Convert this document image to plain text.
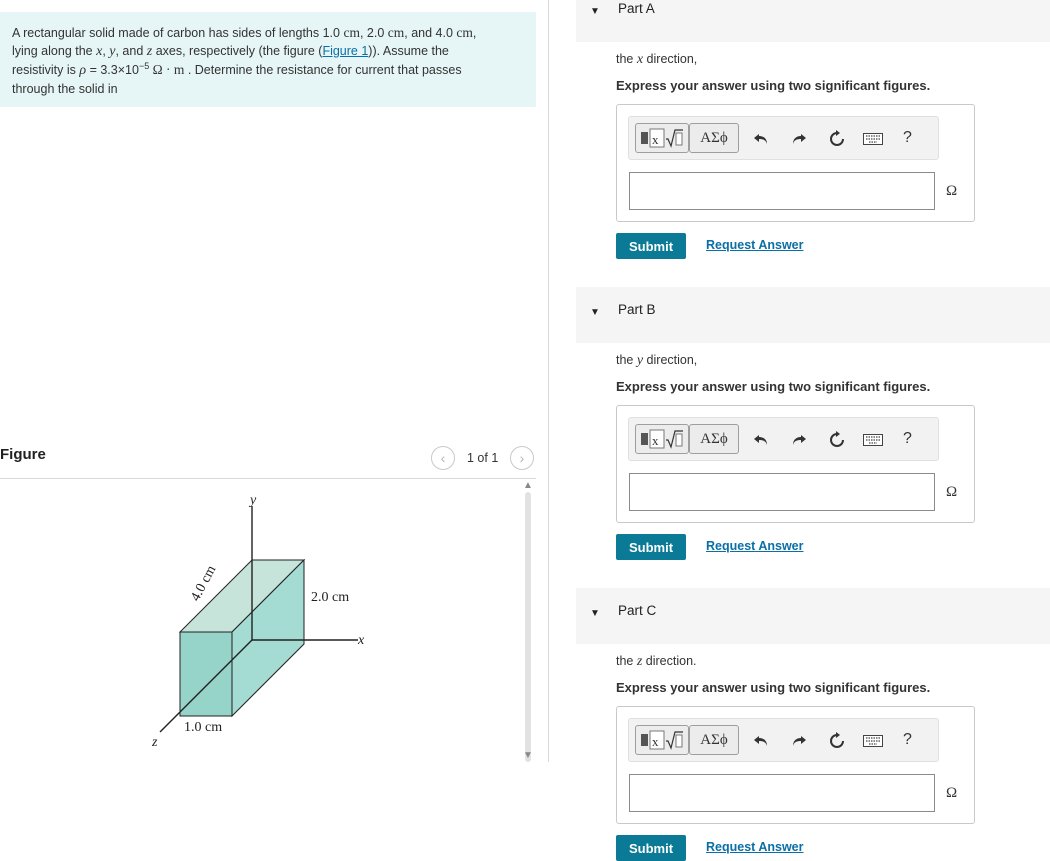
A rectangular solid made of carbon has sides of lengths 1.0 cm, 2.0 cm, and 4.0 cm,
lying along the x, y, and z axes, respectively (the figure (Figure 1)). Assume the
resistivity is $\rho = 3.3\times 10^{-5}$ Ω · m . Determine the resistance for current that passes
through the solid in
Figure	‹ 1 of 1 ›
y
x
z
4.0 cm	2.0 cm
1.0 cm
▲
▼
▼ Part A
the x direction,
Express your answer using two significant figures.
x	ΑΣϕ	?
Ω
Submit	Request Answer
▼ Part B
the y direction,
Express your answer using two significant figures.
x	ΑΣϕ	?
Ω
Submit	Request Answer
▼ Part C
the z direction.
Express your answer using two significant figures.
x	ΑΣϕ	?
Ω
Submit	Request Answer
